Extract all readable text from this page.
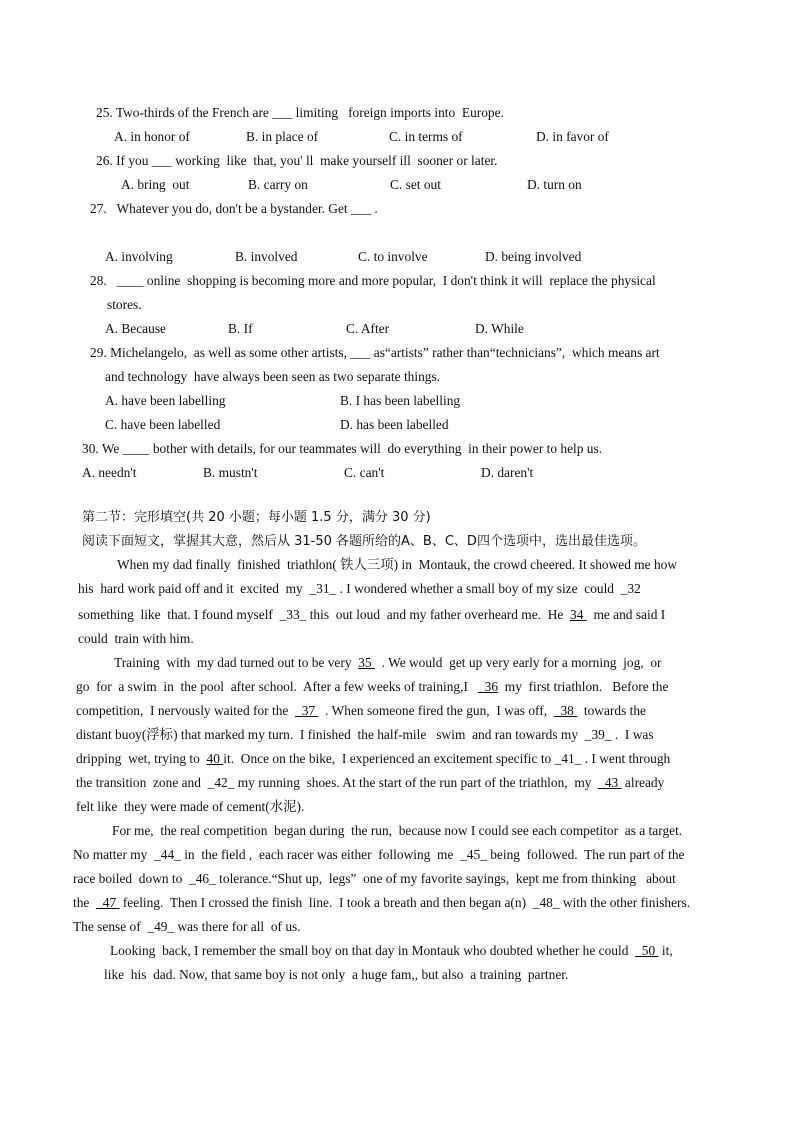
25. Two-thirds of the French are ___ limiting   foreign imports into  Europe.
A. in honor of	B. in place of	C. in terms of	D. in favor of
26. If you ___ working  like  that, you' ll  make yourself ill  sooner or later.
A. bring  out	B. carry on	C. set out	D. turn on
27.   Whatever you do, don't be a bystander. Get ___ .
A. involving	B. involved	C. to involve	D. being involved
28.   ____ online  shopping is becoming more and more popular,  I don't think it will  replace the physical
stores.
A. Because	B. If	C. After	D. While
29. Michelangelo,  as well as some other artists, ___ as“artists” rather than“technicians”,  which means art
and technology  have always been seen as two separate things.
A. have been labelling	B. I has been labelling
C. have been labelled	D. has been labelled
30. We ____ bother with details, for our teammates will  do everything  in their power to help us.
A. needn't	B. mustn't	C. can't	D. daren't
第二节：完形填空(共 20 小题；每小题 1.5 分，满分 30 分)
阅读下面短文，掌握其大意，然后从 31-50 各题所给的A、B、C、D四个选项中，选出最佳选项。
When my dad finally  finished  triathlon( 铁人三项) in  Montauk, the crowd cheered. It showed me how
his  hard work paid off and it  excited  my  _31_ . I wondered whether a small boy of my size  could  _32
something  like  that. I found myself  _33_ this  out loud  and my father overheard me.  He  34   me and said I
could  train with him.
Training  with  my dad turned out to be very  35   . We would  get up very early for a morning  jog,  or
go  for  a swim  in  the pool  after school.  After a few weeks of training,I   _36  my  first triathlon.   Before the
competition,  I nervously waited for the  _37   . When someone fired the gun,  I was off,  _38   towards the
distant buoy(浮标) that marked my turn.  I finished  the half-mile   swim  and ran towards my  _39_ .  I was
dripping  wet, trying to  40 it.  Once on the bike,  I experienced an excitement specific to _41_ . I went through
the transition  zone and  _42_ my running  shoes. At the start of the run part of the triathlon,  my  _43  already
felt like  they were made of cement(水泥).
For me,  the real competition  began during  the run,  because now I could see each competitor  as a target.
No matter my  _44_ in  the field ,  each racer was either  following  me  _45_ being  followed.  The run part of the
race boiled  down to  _46_ tolerance.“Shut up,  legs”  one of my favorite sayings,  kept me from thinking   about
the  _47  feeling.  Then I crossed the finish  line.  I took a breath and then began a(n)  _48_ with the other finishers.
The sense of  _49_ was there for all  of us.
Looking  back, I remember the small boy on that day in Montauk who doubted whether he could  _50  it,
like  his  dad. Now, that same boy is not only  a huge fam,, but also  a training  partner.
